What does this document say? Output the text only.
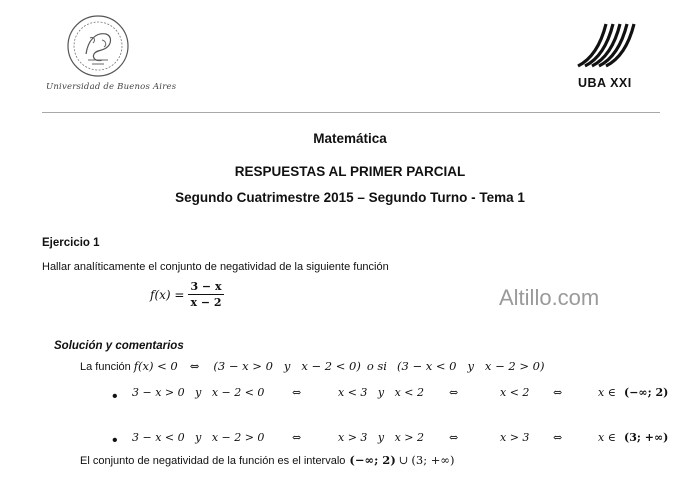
Universidad de Buenos Aires	UBA XXI
Matemática
RESPUESTAS AL PRIMER PARCIAL
Segundo Cuatrimestre 2015 – Segundo Turno - Tema 1
Ejercicio 1
Hallar analíticamente el conjunto de negatividad de la siguiente función
$f(x) = \frac{3 - x}{x - 2}$	Altillo.com
Solución y comentarios
La función f(x) < 0 ⇔ (3 − x > 0   y   x − 2 < 0) o si (3 − x < 0   y   x − 2 > 0)
• 3 − x > 0   y   x − 2 < 0	⇔	x < 3   y   x < 2 ⇔	x < 2 ⇔	x ∈ (−∞; 2)
• 3 − x < 0   y   x − 2 > 0	⇔	x > 3   y   x > 2 ⇔	x > 3 ⇔	x ∈ (3; +∞)
El conjunto de negatividad de la función es el intervalo (−∞; 2) ∪ (3; +∞)
